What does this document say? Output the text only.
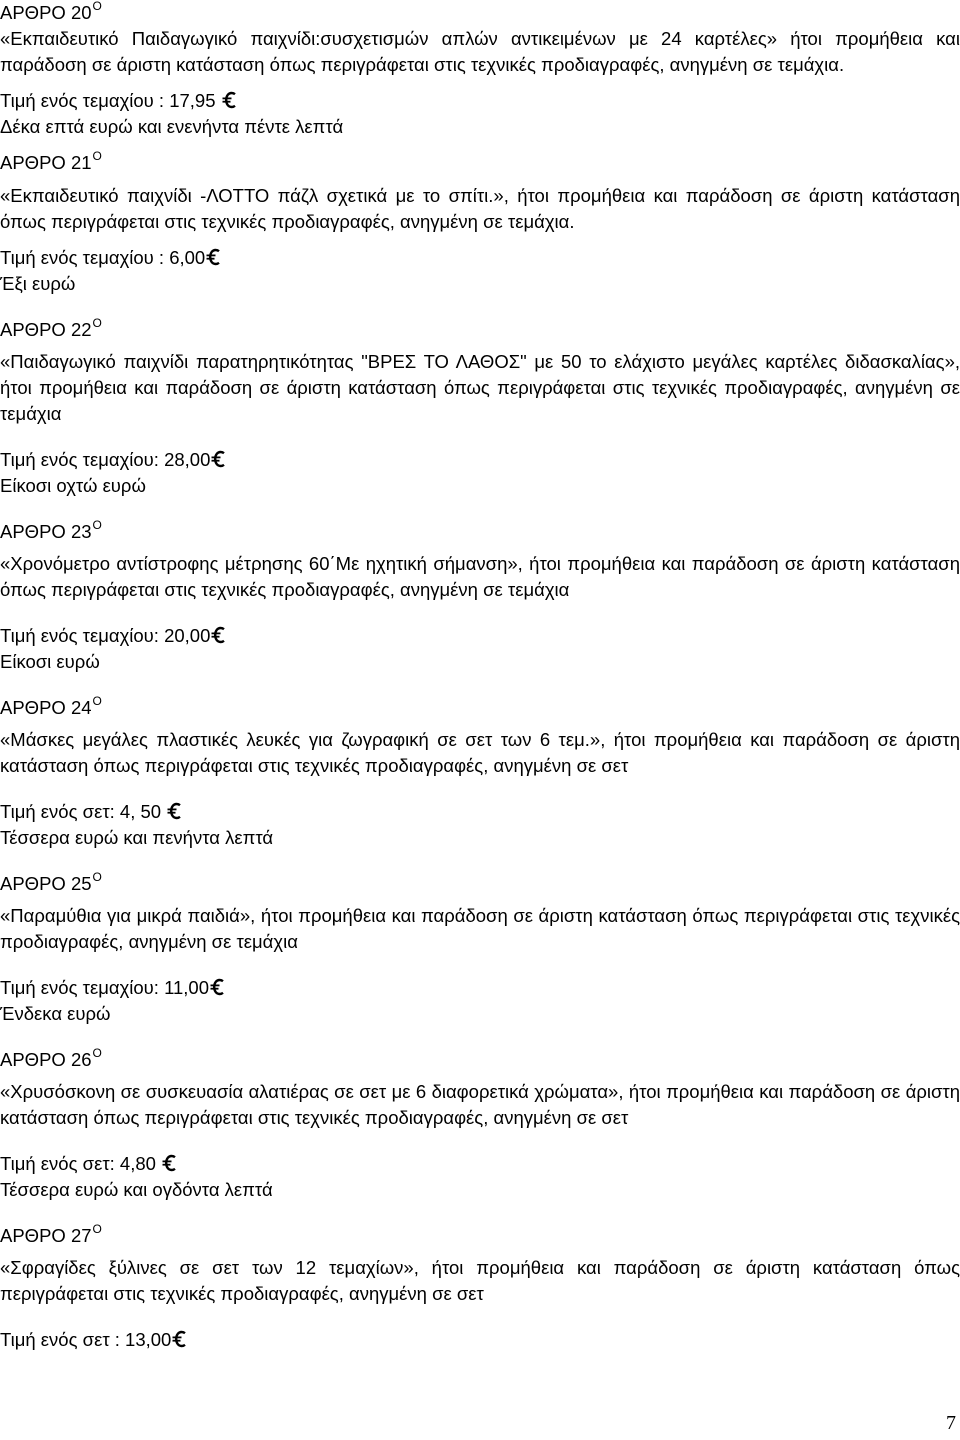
ΑΡΘΡΟ $20^O$
«Εκπαιδευτικό Παιδαγωγικό παιχνίδι:συσχετισμών απλών αντικειμένων με 24 καρτέλες» ήτοι προμήθεια και παράδοση σε άριστη κατάσταση όπως περιγράφεται στις τεχνικές προδιαγραφές, ανηγμένη σε τεμάχια.
Τιμή ενός τεμαχίου : 17,95
Δέκα επτά ευρώ και ενενήντα πέντε λεπτά
ΑΡΘΡΟ $21^O$
«Εκπαιδευτικό παιχνίδι -ΛΟΤΤΟ πάζλ σχετικά με το σπίτι.», ήτοι προμήθεια και παράδοση σε άριστη κατάσταση όπως περιγράφεται στις τεχνικές προδιαγραφές, ανηγμένη σε τεμάχια.
Τιμή ενός τεμαχίου : 6,00
Έξι ευρώ
ΑΡΘΡΟ $22^O$
«Παιδαγωγικό παιχνίδι παρατηρητικότητας "ΒΡΕΣ ΤΟ ΛΑΘΟΣ" με 50 το ελάχιστο μεγάλες καρτέλες διδασκαλίας», ήτοι προμήθεια και παράδοση σε άριστη κατάσταση όπως περιγράφεται στις τεχνικές προδιαγραφές, ανηγμένη σε τεμάχια
Τιμή ενός τεμαχίου: 28,00
Είκοσι οχτώ ευρώ
ΑΡΘΡΟ $23^O$
«Χρονόμετρο αντίστροφης μέτρησης 60΄Με ηχητική σήμανση», ήτοι προμήθεια και παράδοση σε άριστη κατάσταση όπως περιγράφεται στις τεχνικές προδιαγραφές, ανηγμένη σε τεμάχια
Τιμή ενός τεμαχίου: 20,00
Είκοσι ευρώ
ΑΡΘΡΟ $24^O$
«Μάσκες μεγάλες πλαστικές λευκές για ζωγραφική σε σετ των 6 τεμ.», ήτοι προμήθεια και παράδοση σε άριστη κατάσταση όπως περιγράφεται στις τεχνικές προδιαγραφές, ανηγμένη σε σετ
Τιμή ενός σετ: 4, 50
Τέσσερα ευρώ και πενήντα λεπτά
ΑΡΘΡΟ $25^O$
«Παραμύθια για μικρά παιδιά», ήτοι προμήθεια και παράδοση σε άριστη κατάσταση όπως περιγράφεται στις τεχνικές προδιαγραφές, ανηγμένη σε τεμάχια
Τιμή ενός τεμαχίου: 11,00
Ένδεκα ευρώ
ΑΡΘΡΟ $26^O$
«Χρυσόσκονη σε συσκευασία αλατιέρας σε σετ με 6 διαφορετικά χρώματα», ήτοι προμήθεια και παράδοση σε άριστη κατάσταση όπως περιγράφεται στις τεχνικές προδιαγραφές, ανηγμένη σε σετ
Τιμή ενός σετ: 4,80
Τέσσερα ευρώ και ογδόντα λεπτά
ΑΡΘΡΟ $27^O$
«Σφραγίδες ξύλινες σε σετ των 12 τεμαχίων», ήτοι προμήθεια και παράδοση σε άριστη κατάσταση όπως περιγράφεται στις τεχνικές προδιαγραφές, ανηγμένη σε σετ
Τιμή ενός σετ : 13,00
7
